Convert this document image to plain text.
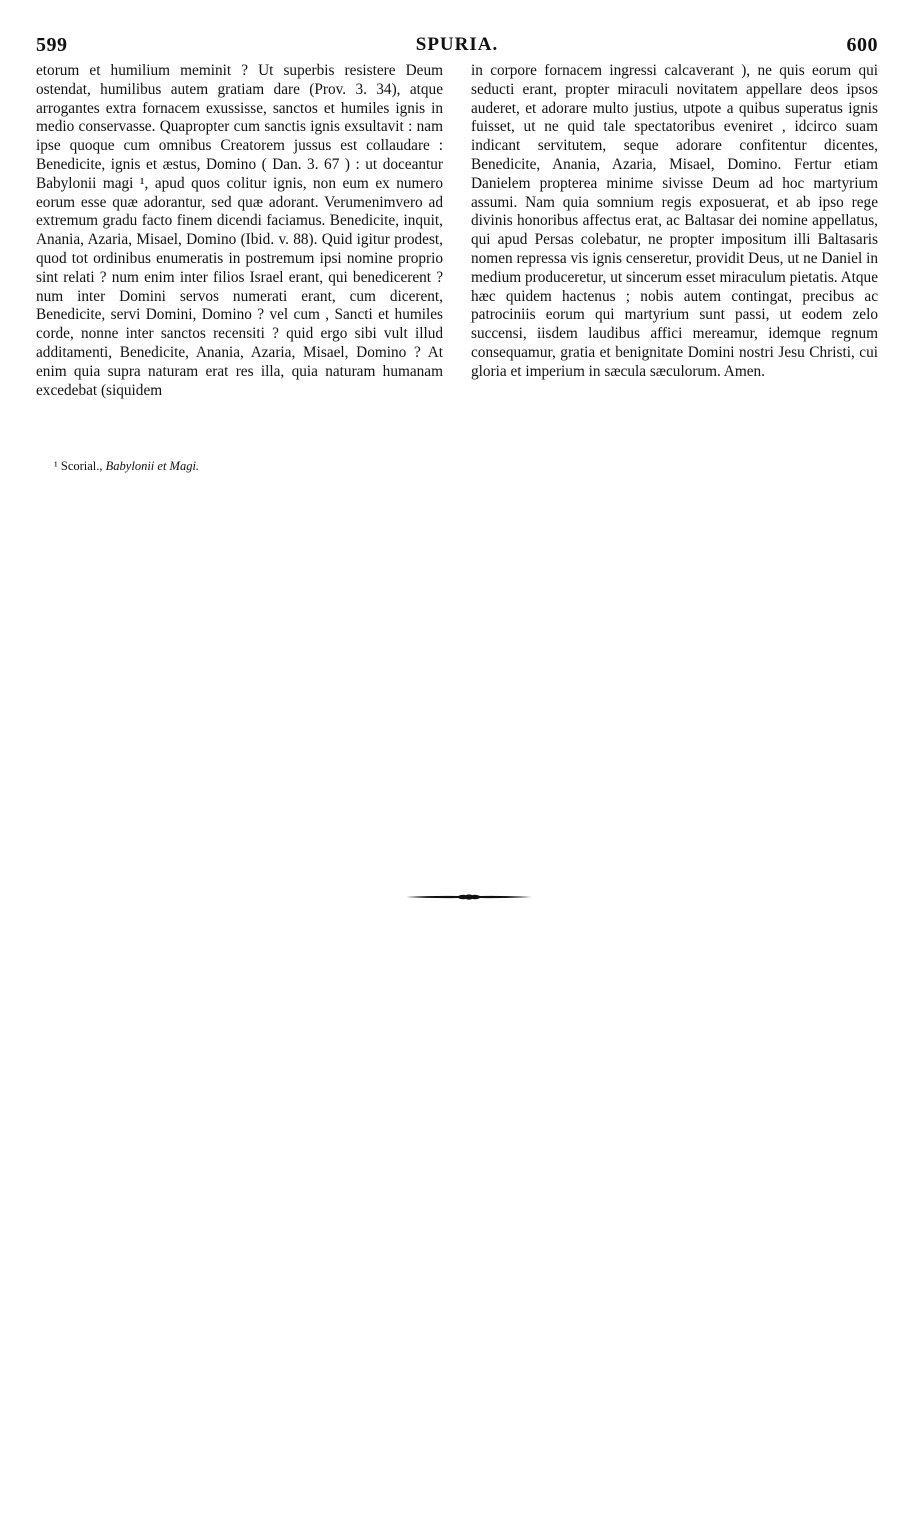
599	SPURIA.	600

etorum et humilium meminit ? Ut superbis resistere Deum ostendat, humilibus autem gratiam dare (Prov. 3. 34), atque arrogantes extra fornacem exussisse, sanctos et humiles ignis in medio conservasse. Quapropter cum sanctis ignis exsultavit : nam ipse quoque cum omnibus Creatorem jussus est collaudare : Benedicite, ignis et æstus, Domino ( Dan. 3. 67 ) : ut doceantur Babylonii magi ¹, apud quos colitur ignis, non eum ex numero eorum esse quæ adorantur, sed quæ adorant. Verumenimvero ad extremum gradu facto finem dicendi faciamus. Benedicite, inquit, Anania, Azaria, Misael, Domino (Ibid. v. 88). Quid igitur prodest, quod tot ordinibus enumeratis in postremum ipsi nomine proprio sint relati ? num enim inter filios Israel erant, qui benedicerent ? num inter Domini servos numerati erant, cum dicerent, Benedicite, servi Domini, Domino ? vel cum , Sancti et humiles corde, nonne inter sanctos recensiti ? quid ergo sibi vult illud additamenti, Benedicite, Anania, Azaria, Misael, Domino ? At enim quia supra naturam erat res illa, quia naturam humanam excedebat (siquidem

in corpore fornacem ingressi calcaverant ), ne quis eorum qui seducti erant, propter miraculi novitatem appellare deos ipsos auderet, et adorare multo justius, utpote a quibus superatus ignis fuisset, ut ne quid tale spectatoribus eveniret , idcirco suam indicant servitutem, seque adorare confitentur dicentes, Benedicite, Anania, Azaria, Misael, Domino. Fertur etiam Danielem propterea minime sivisse Deum ad hoc martyrium assumi. Nam quia somnium regis exposuerat, et ab ipso rege divinis honoribus affectus erat, ac Baltasar dei nomine appellatus, qui apud Persas colebatur, ne propter impositum illi Baltasaris nomen repressa vis ignis censeretur, providit Deus, ut ne Daniel in medium produceretur, ut sincerum esset miraculum pietatis. Atque hæc quidem hactenus ; nobis autem contingat, precibus ac patrociniis eorum qui martyrium sunt passi, ut eodem zelo succensi, iisdem laudibus affici mereamur, idemque regnum consequamur, gratia et benignitate Domini nostri Jesu Christi, cui gloria et imperium in sæcula sæculorum. Amen.

¹ Scorial., Babylonii et Magi.
